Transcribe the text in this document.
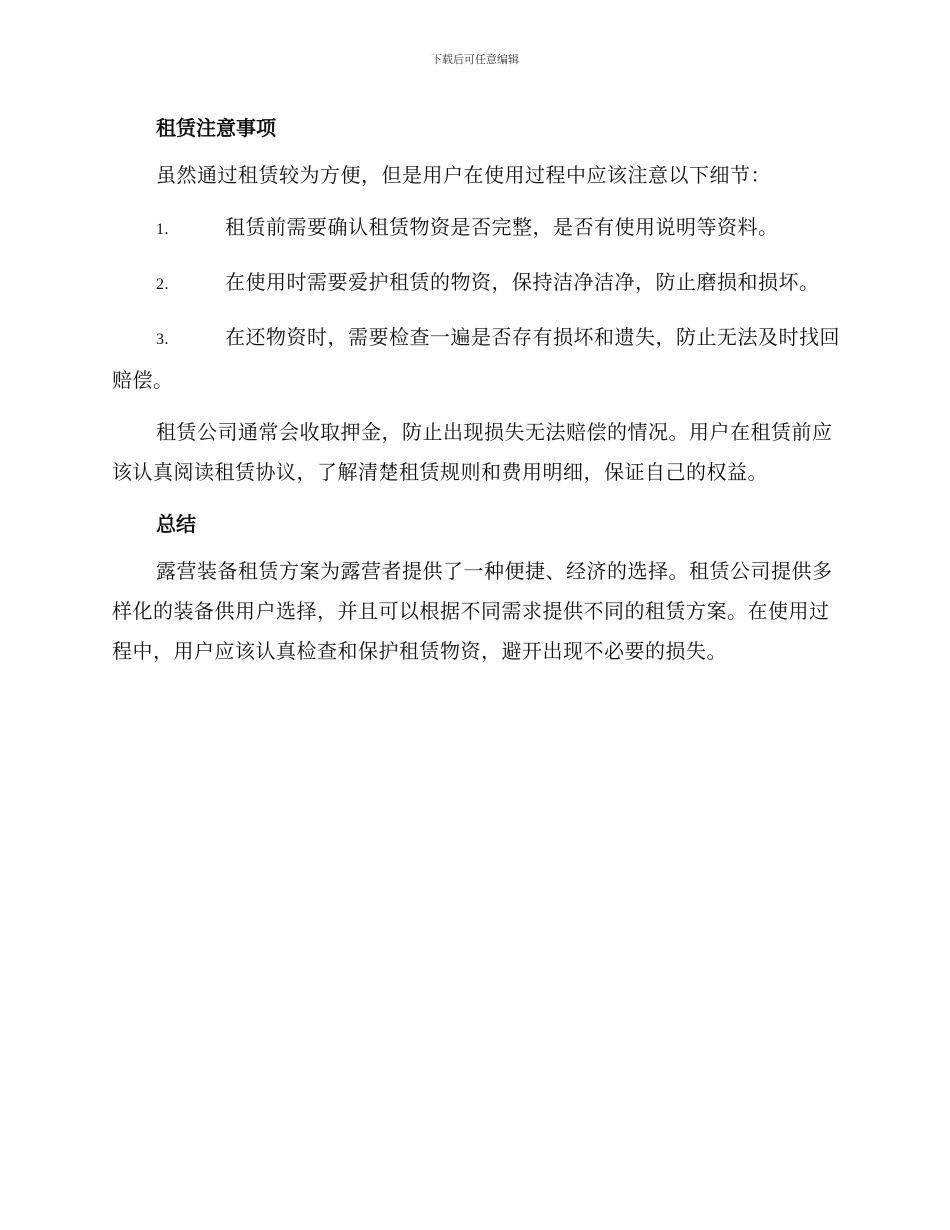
下载后可任意编辑
租赁注意事项

虽然通过租赁较为方便，但是用户在使用过程中应该注意以下细节：

1.	租赁前需要确认租赁物资是否完整，是否有使用说明等资料。

2.	在使用时需要爱护租赁的物资，保持洁净洁净，防止磨损和损坏。

3.	在还物资时，需要检查一遍是否存有损坏和遗失，防止无法及时找回赔偿。

租赁公司通常会收取押金，防止出现损失无法赔偿的情况。用户在租赁前应该认真阅读租赁协议，了解清楚租赁规则和费用明细，保证自己的权益。

总结

露营装备租赁方案为露营者提供了一种便捷、经济的选择。租赁公司提供多样化的装备供用户选择，并且可以根据不同需求提供不同的租赁方案。在使用过程中，用户应该认真检查和保护租赁物资，避开出现不必要的损失。
